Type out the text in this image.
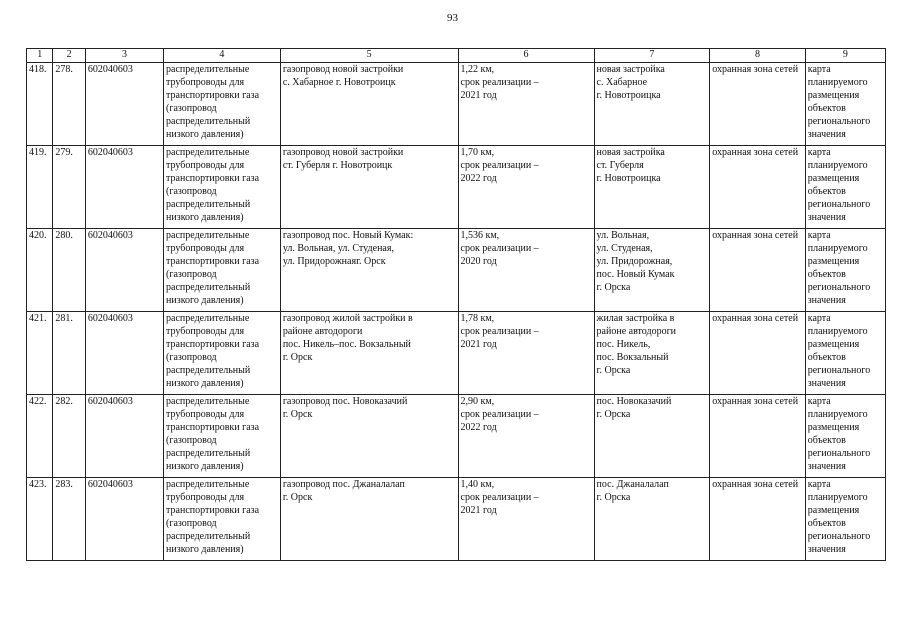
93
1	2	3	4	5	6	7	8	9
418.	278.	602040603	распределительные трубопроводы для транспортировки газа (газопровод распределительный низкого давления)	газопровод новой застройки
с. Хабарное г. Новотроицк	1,22 км,
срок реализации –
2021 год	новая застройка
с. Хабарное
г. Новотроицка	охранная зона сетей	карта планируемого размещения объектов регионального значения
419.	279.	602040603	распределительные трубопроводы для транспортировки газа (газопровод распределительный низкого давления)	газопровод новой застройки
ст. Губерля г. Новотроицк	1,70 км,
срок реализации –
2022 год	новая застройка
ст. Губерля
г. Новотроицка	охранная зона сетей	карта планируемого размещения объектов регионального значения
420.	280.	602040603	распределительные трубопроводы для транспортировки газа (газопровод распределительный низкого давления)	газопровод пос. Новый Кумак:
ул. Вольная, ул. Студеная,
ул. Придорожнаяг. Орск	1,536 км,
срок реализации –
2020 год	ул. Вольная,
ул. Студеная,
ул. Придорожная,
пос. Новый Кумак
г. Орска	охранная зона сетей	карта планируемого размещения объектов регионального значения
421.	281.	602040603	распределительные трубопроводы для транспортировки газа (газопровод распределительный низкого давления)	газопровод жилой застройки в
районе автодороги
пос. Никель–пос. Вокзальный
г. Орск	1,78 км,
срок реализации –
2021 год	жилая застройка в
районе автодороги
пос. Никель,
пос. Вокзальный
г. Орска	охранная зона сетей	карта планируемого размещения объектов регионального значения
422.	282.	602040603	распределительные трубопроводы для транспортировки газа (газопровод распределительный низкого давления)	газопровод пос. Новоказачий
г. Орск	2,90 км,
срок реализации –
2022 год	пос. Новоказачий
г. Орска	охранная зона сетей	карта планируемого размещения объектов регионального значения
423.	283.	602040603	распределительные трубопроводы для транспортировки газа (газопровод распределительный низкого давления)	газопровод пос. Джаналалап
г. Орск	1,40 км,
срок реализации –
2021 год	пос. Джаналалап
г. Орска	охранная зона сетей	карта планируемого размещения объектов регионального значения
